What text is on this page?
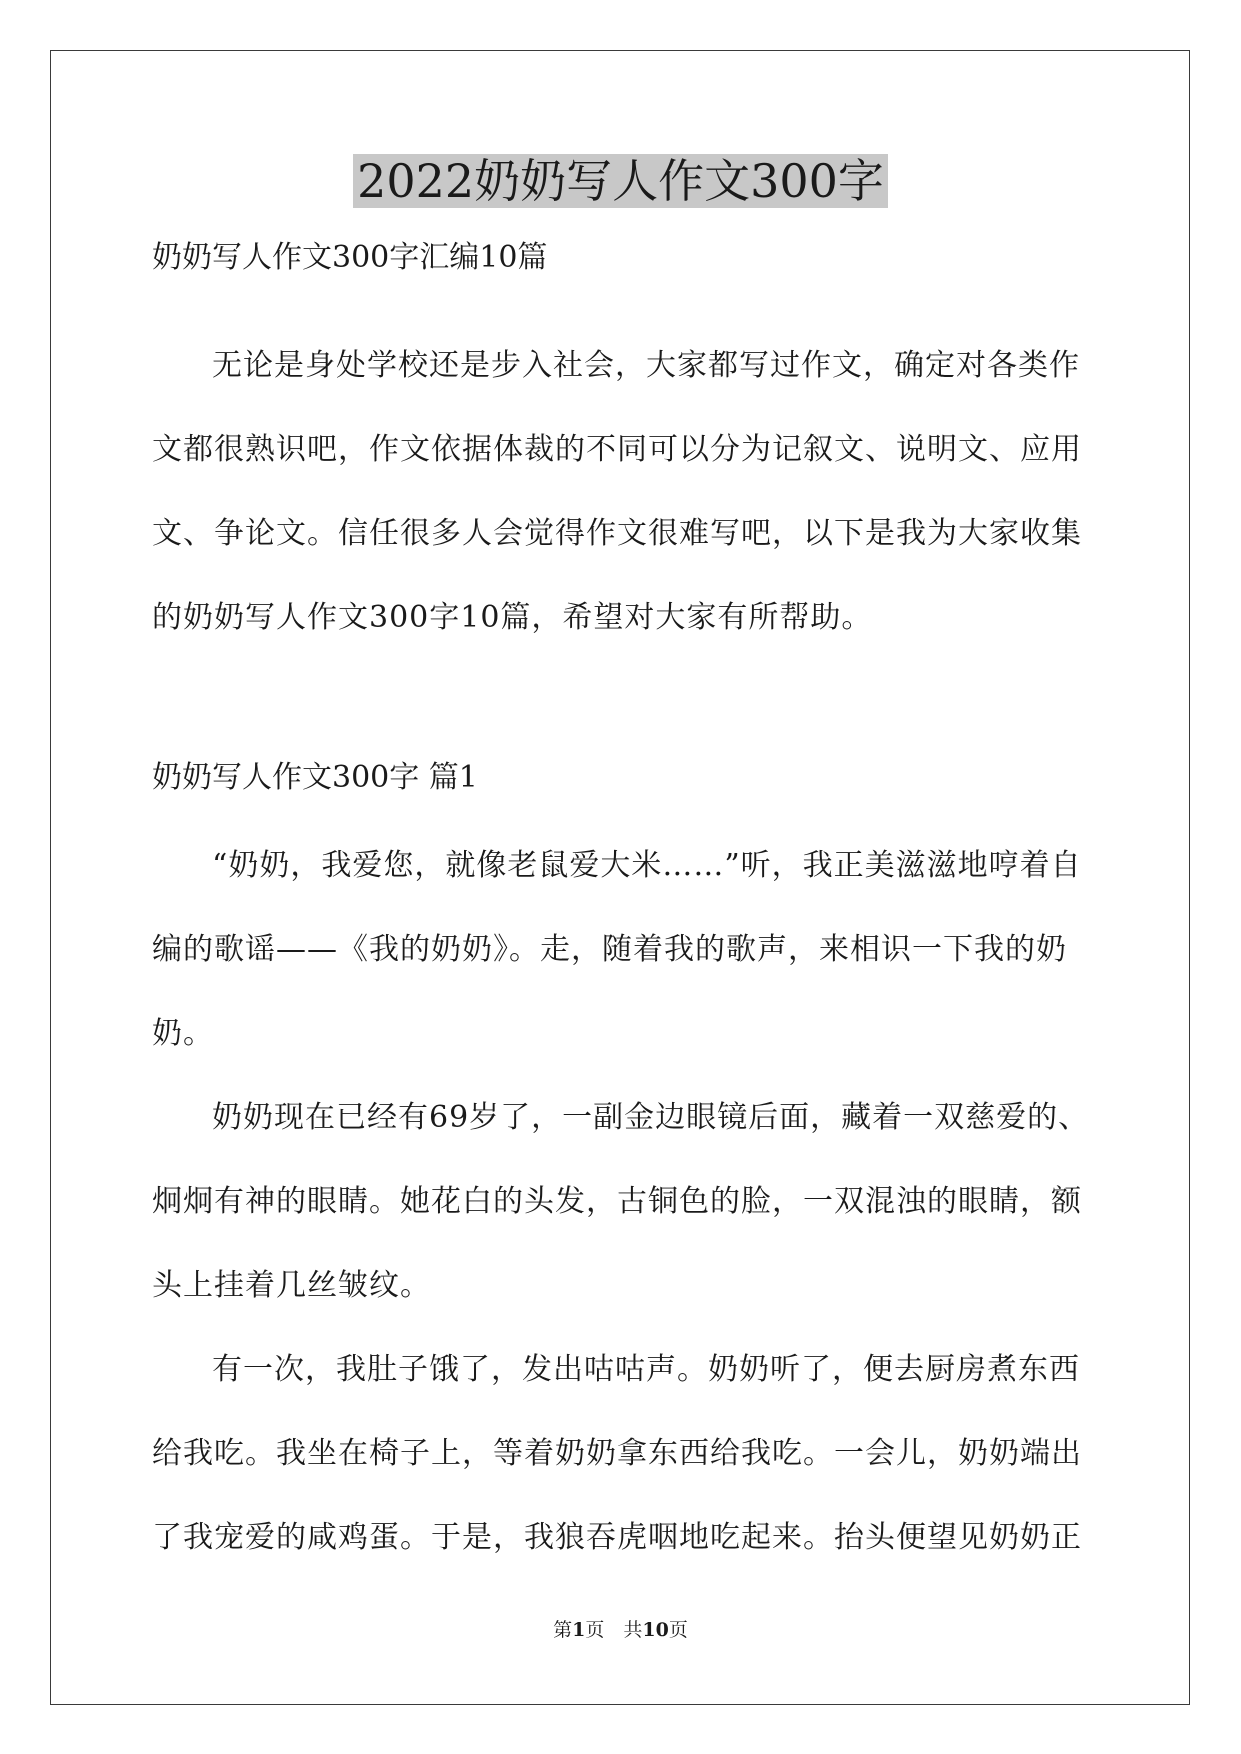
2022奶奶写人作文300字

奶奶写人作文300字汇编10篇

无论是身处学校还是步入社会，大家都写过作文，确定对各类作文都很熟识吧，作文依据体裁的不同可以分为记叙文、说明文、应用文、争论文。信任很多人会觉得作文很难写吧，以下是我为大家收集的奶奶写人作文300字10篇，希望对大家有所帮助。

奶奶写人作文300字 篇1

“奶奶，我爱您，就像老鼠爱大米……”听，我正美滋滋地哼着自编的歌谣——《我的奶奶》。走，随着我的歌声，来相识一下我的奶奶。

奶奶现在已经有69岁了，一副金边眼镜后面，藏着一双慈爱的、炯炯有神的眼睛。她花白的头发，古铜色的脸，一双混浊的眼睛，额头上挂着几丝皱纹。

有一次，我肚子饿了，发出咕咕声。奶奶听了，便去厨房煮东西给我吃。我坐在椅子上，等着奶奶拿东西给我吃。一会儿，奶奶端出了我宠爱的咸鸡蛋。于是，我狼吞虎咽地吃起来。抬头便望见奶奶正

第1页　共10页
